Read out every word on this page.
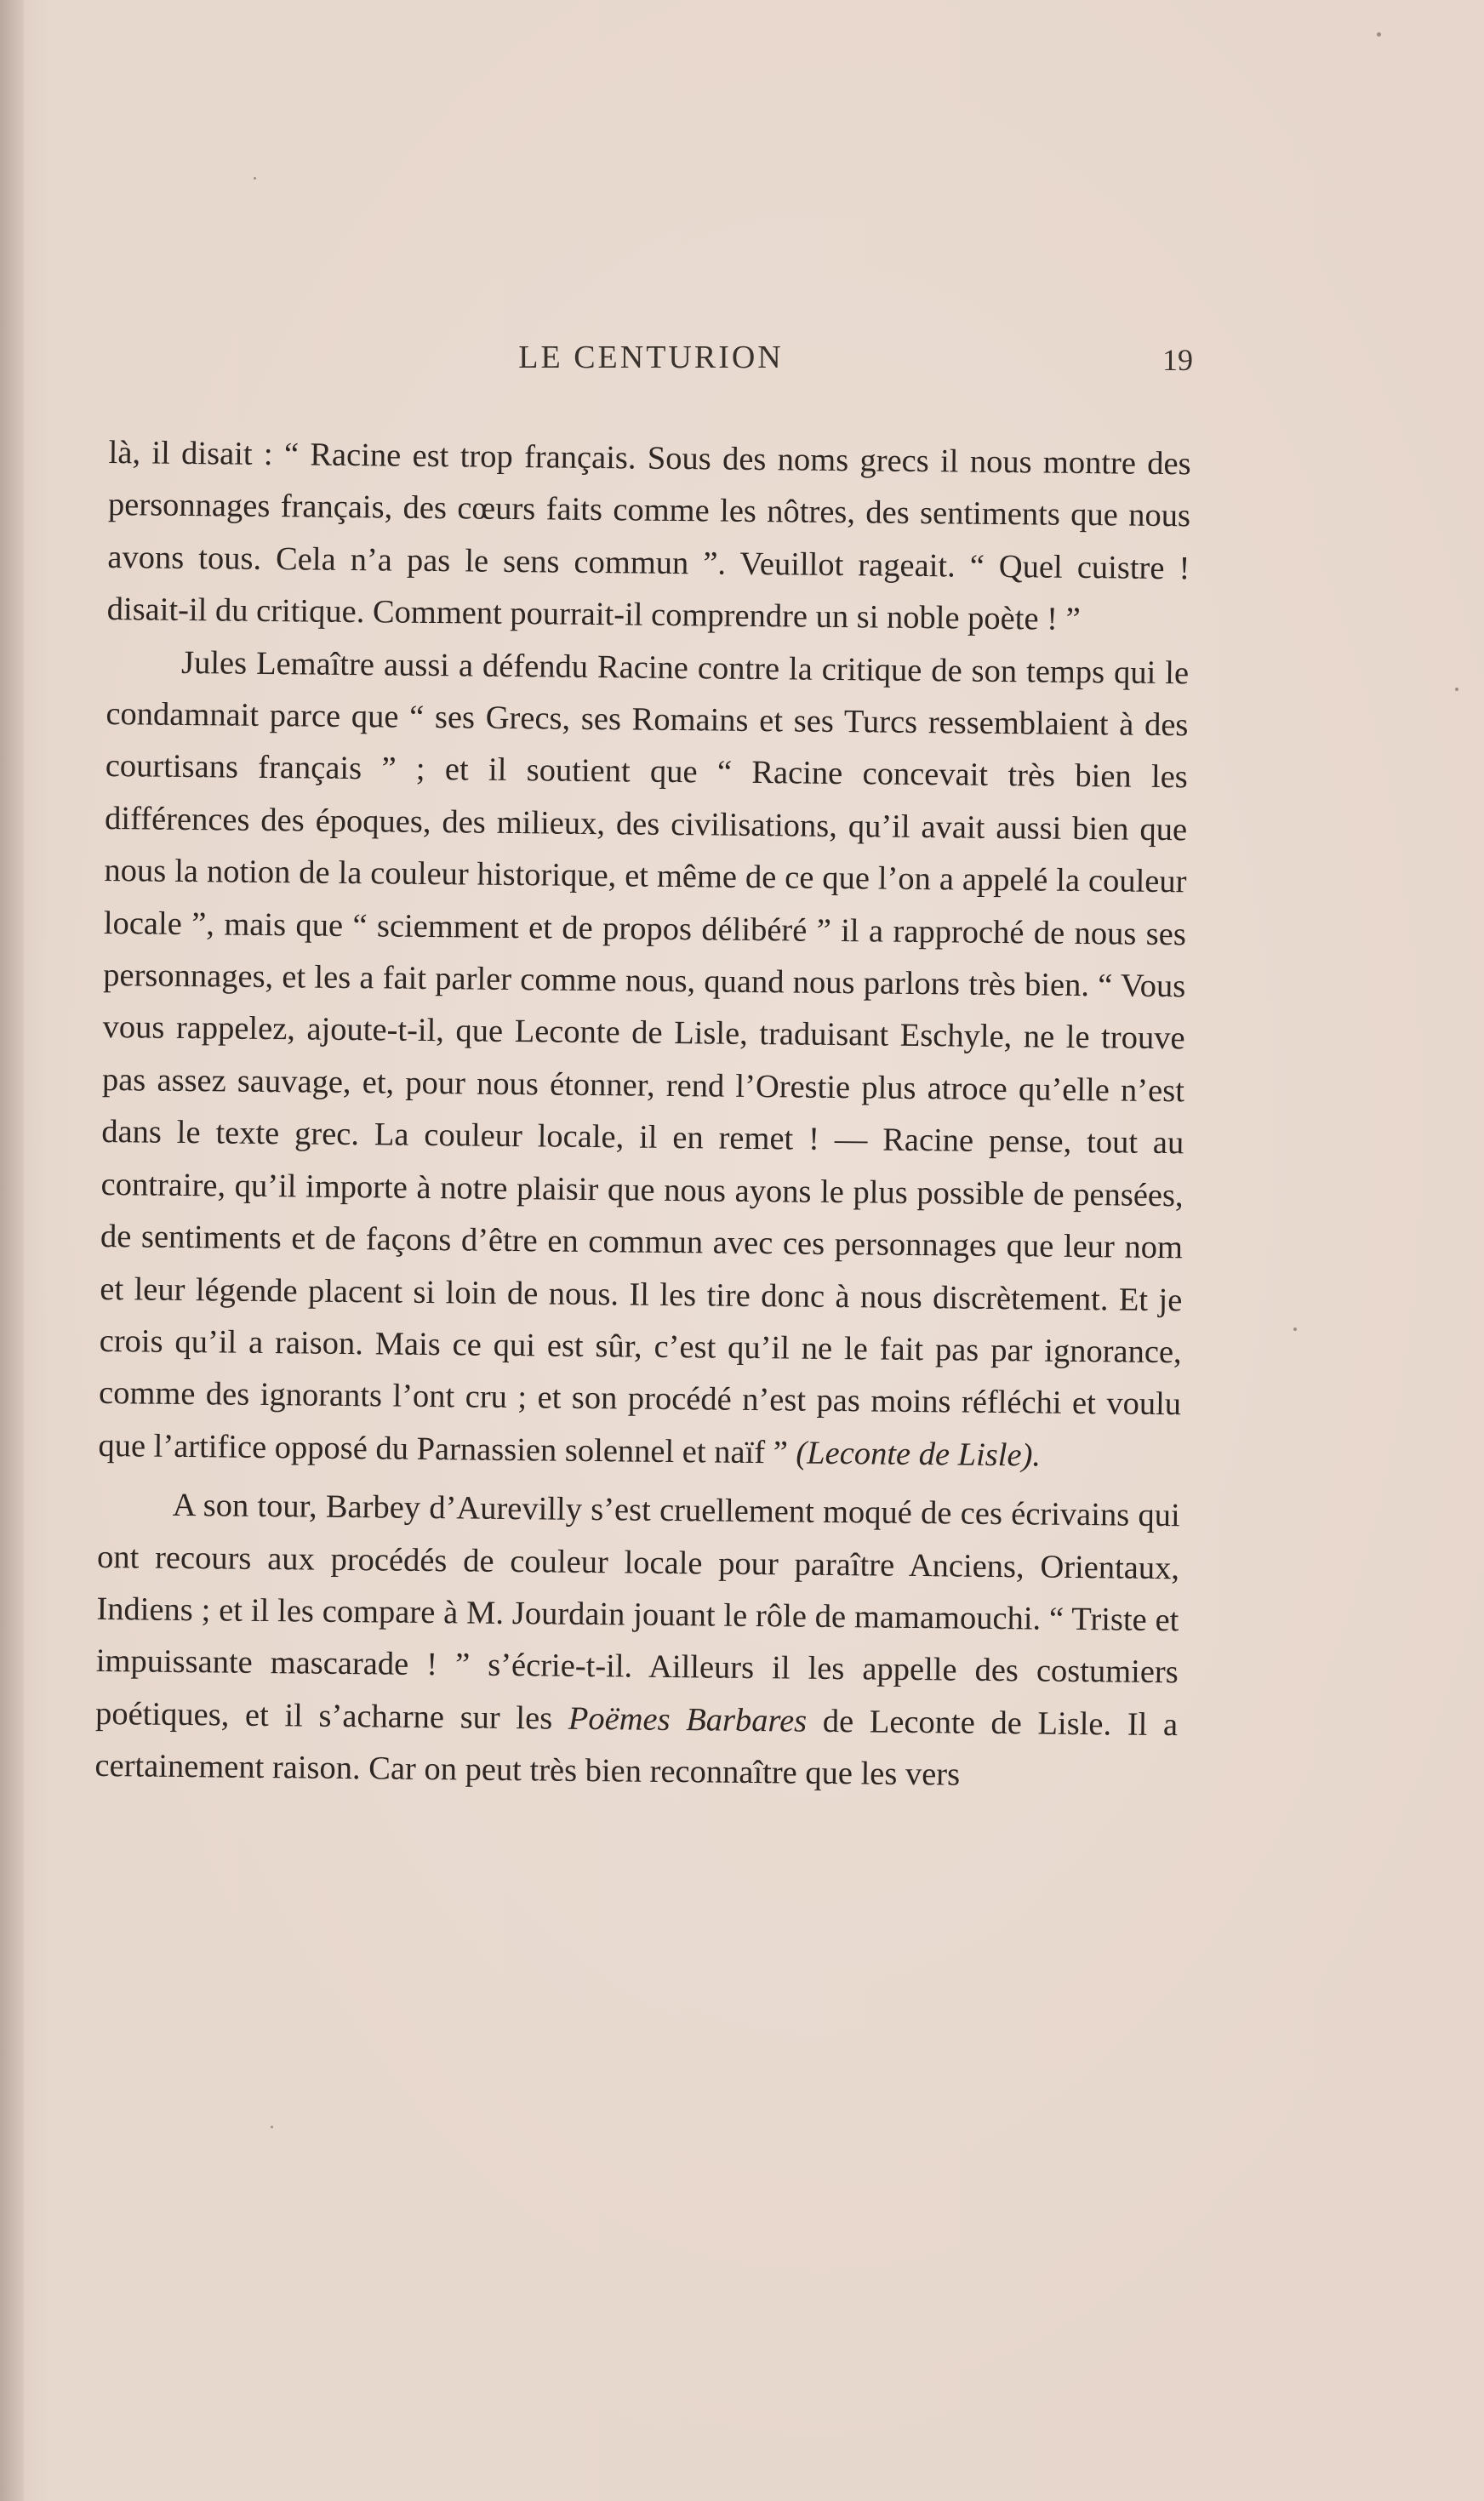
LE CENTURION	19

là, il disait : “ Racine est trop français. Sous des noms grecs il nous montre des personnages français, des cœurs faits comme les nôtres, des sentiments que nous avons tous. Cela n’a pas le sens commun ”. Veuillot rageait. “ Quel cuistre ! disait-il du critique. Comment pourrait-il comprendre un si noble poète ! ”

Jules Lemaître aussi a défendu Racine contre la critique de son temps qui le condamnait parce que “ ses Grecs, ses Romains et ses Turcs ressemblaient à des courtisans français ” ; et il soutient que “ Racine concevait très bien les différences des époques, des milieux, des civilisations, qu’il avait aussi bien que nous la notion de la couleur historique, et même de ce que l’on a appelé la couleur locale ”, mais que “ sciemment et de propos délibéré ” il a rapproché de nous ses personnages, et les a fait parler comme nous, quand nous parlons très bien. “ Vous vous rappelez, ajoute-t-il, que Leconte de Lisle, traduisant Eschyle, ne le trouve pas assez sauvage, et, pour nous étonner, rend l’Orestie plus atroce qu’elle n’est dans le texte grec. La couleur locale, il en remet ! — Racine pense, tout au contraire, qu’il importe à notre plaisir que nous ayons le plus possible de pensées, de sentiments et de façons d’être en commun avec ces personnages que leur nom et leur légende placent si loin de nous. Il les tire donc à nous discrètement. Et je crois qu’il a raison. Mais ce qui est sûr, c’est qu’il ne le fait pas par ignorance, comme des ignorants l’ont cru ; et son procédé n’est pas moins réfléchi et voulu que l’artifice opposé du Parnassien solennel et naïf ” (Leconte de Lisle).

A son tour, Barbey d’Aurevilly s’est cruellement moqué de ces écrivains qui ont recours aux procédés de couleur locale pour paraître Anciens, Orientaux, Indiens ; et il les compare à M. Jourdain jouant le rôle de mamamouchi. “ Triste et impuissante mascarade ! ” s’écrie-t-il. Ailleurs il les appelle des costumiers poétiques, et il s’acharne sur les Poëmes Barbares de Leconte de Lisle. Il a certainement raison. Car on peut très bien reconnaître que les vers
